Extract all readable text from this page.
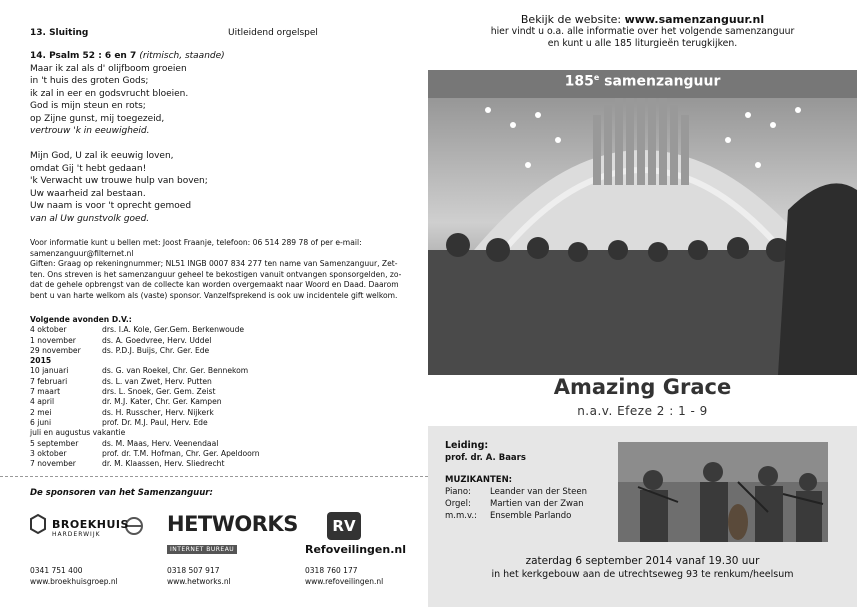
13. Sluiting	Uitleidend orgelspel
14. Psalm 52 : 6 en 7 (ritmisch, staande)
Maar ik zal als d' olijfboom groeien
in 't huis des groten Gods;
ik zal in eer en godsvrucht bloeien.
God is mijn steun en rots;
op Zijne gunst, mij toegezeid,
vertrouw 'k in eeuwigheid.
Mijn God, U zal ik eeuwig loven,
omdat Gij 't hebt gedaan!
'k Verwacht uw trouwe hulp van boven;
Uw waarheid zal bestaan.
Uw naam is voor 't oprecht gemoed
van al Uw gunstvolk goed.
Voor informatie kunt u bellen met: Joost Fraanje, telefoon: 06 514 289 78 of per e-mail:
samenzanguur@filternet.nl
Giften: Graag op rekeningnummer; NL51 INGB 0007 834 277 ten name van Samenzanguur, Zet-
ten. Ons streven is het samenzanguur geheel te bekostigen vanuit ontvangen sponsorgelden, zo-
dat de gehele opbrengst van de collecte kan worden overgemaakt naar Woord en Daad. Daarom
bent u van harte welkom als (vaste) sponsor. Vanzelfsprekend is ook uw incidentele gift welkom.
Volgende avonden D.V.:
4 oktober	drs. I.A. Kole, Ger.Gem. Berkenwoude
1 november	ds. A. Goedvree, Herv. Uddel
29 november	ds. P.D.J. Buijs, Chr. Ger. Ede
2015
10 januari	ds. G. van Roekel, Chr. Ger. Bennekom
7 februari	ds. L. van Zwet, Herv. Putten
7 maart	drs. L. Snoek, Ger. Gem. Zeist
4 april	dr. M.J. Kater, Chr. Ger. Kampen
2 mei	ds. H. Russcher, Herv. Nijkerk
6 juni	prof. Dr. M.J. Paul, Herv. Ede
juli en augustus vakantie
5 september	ds. M. Maas, Herv. Veenendaal
3 oktober	prof. dr. T.M. Hofman, Chr. Ger. Apeldoorn
7 november	dr. M. Klaassen, Herv. Sliedrecht
De sponsoren van het Samenzanguur:
BROEKHUIS
HARDERWIJK
0341 751 400
www.broekhuisgroep.nl
HETWORKS
INTERNET BUREAU
0318 507 917
www.hetworks.nl
RV
Refoveilingen.nl
0318 760 177
www.refoveilingen.nl
Bekijk de website: www.samenzanguur.nl
hier vindt u o.a. alle informatie over het volgende samenzanguur
en kunt u alle 185 liturgieën terugkijken.
185e samenzanguur
Amazing Grace
n.a.v. Efeze 2 : 1 - 9
Leiding:
prof. dr. A. Baars
MUZIKANTEN:
Piano:	Leander van der Steen
Orgel:	Martien van der Zwan
m.m.v.:	Ensemble Parlando
zaterdag 6 september 2014 vanaf 19.30 uur
in het kerkgebouw aan de utrechtseweg 93 te renkum/heelsum
